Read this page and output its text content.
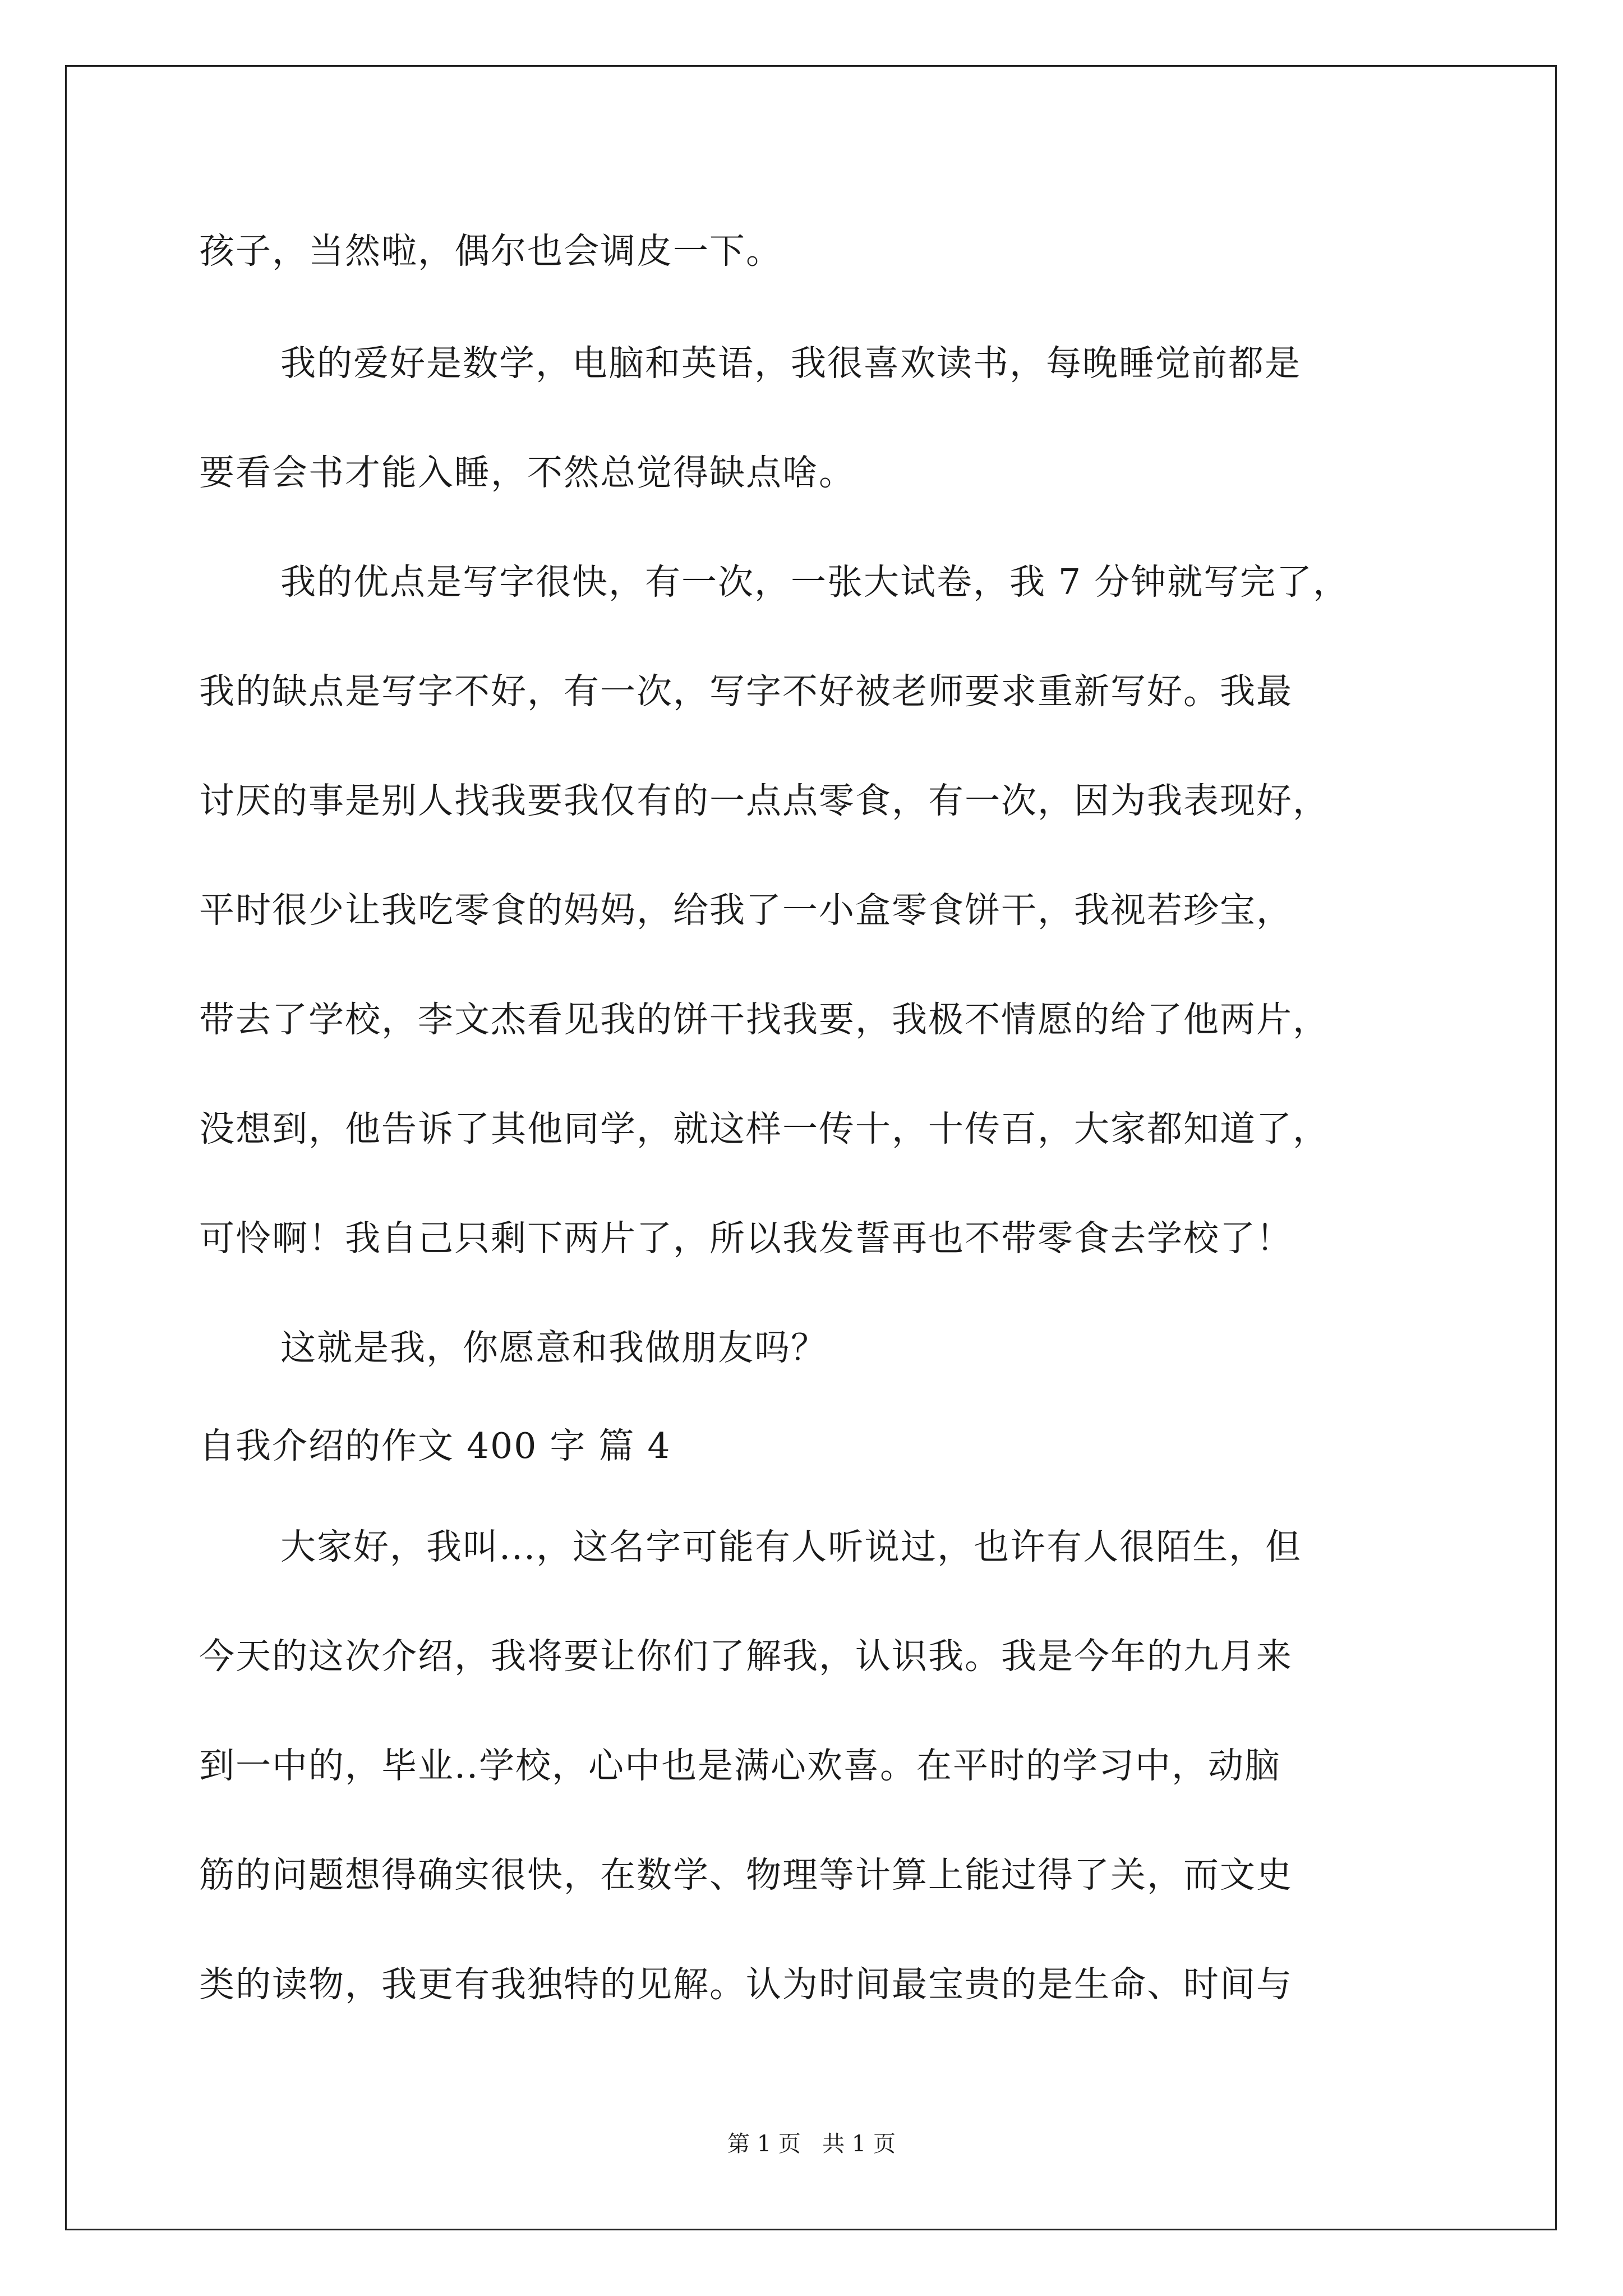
孩子，当然啦，偶尔也会调皮一下。
我的爱好是数学，电脑和英语，我很喜欢读书，每晚睡觉前都是
要看会书才能入睡，不然总觉得缺点啥。
我的优点是写字很快，有一次，一张大试卷，我 7 分钟就写完了，
我的缺点是写字不好，有一次，写字不好被老师要求重新写好。我最
讨厌的事是别人找我要我仅有的一点点零食，有一次，因为我表现好，
平时很少让我吃零食的妈妈，给我了一小盒零食饼干，我视若珍宝，
带去了学校，李文杰看见我的饼干找我要，我极不情愿的给了他两片，
没想到，他告诉了其他同学，就这样一传十，十传百，大家都知道了，
可怜啊！我自己只剩下两片了，所以我发誓再也不带零食去学校了！
这就是我，你愿意和我做朋友吗？
自我介绍的作文 400 字 篇 4
大家好，我叫...，这名字可能有人听说过，也许有人很陌生，但
今天的这次介绍，我将要让你们了解我，认识我。我是今年的九月来
到一中的，毕业..学校，心中也是满心欢喜。在平时的学习中，动脑
筋的问题想得确实很快，在数学、物理等计算上能过得了关，而文史
类的读物，我更有我独特的见解。认为时间最宝贵的是生命、时间与
第 1 页   共 1 页
